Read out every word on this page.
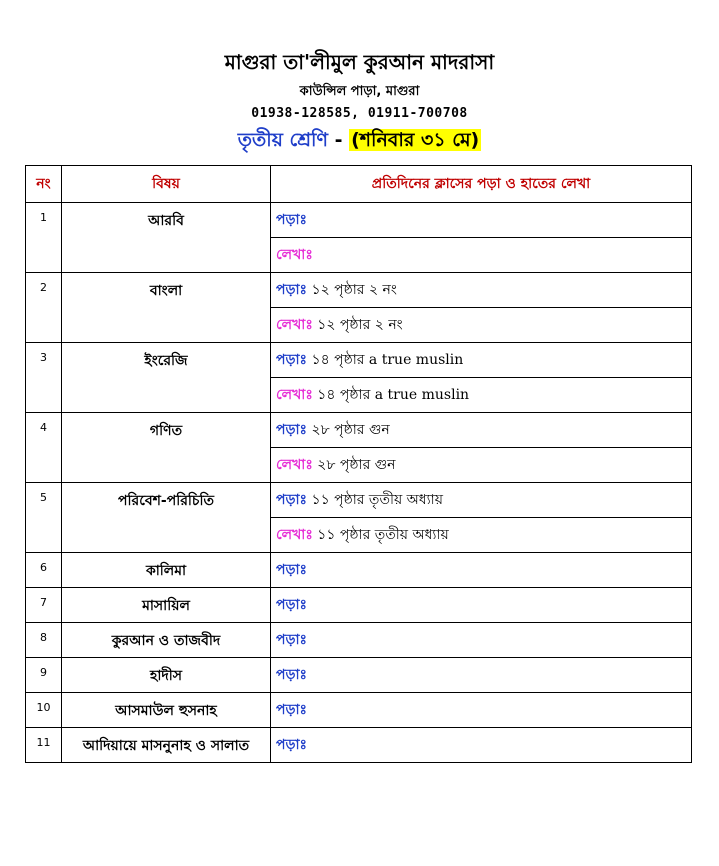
মাগুরা তা'লীমুল কুরআন মাদরাসা
কাউন্সিল পাড়া, মাগুরা
01938-128585, 01911-700708
তৃতীয় শ্রেণি - (শনিবার ৩১ মে)
নং	বিষয়	প্রতিদিনের ক্লাসের পড়া ও হাতের লেখা
1	আরবি	পড়াঃ
		লেখাঃ
2	বাংলা	পড়াঃ ১২ পৃষ্ঠার ২ নং
		লেখাঃ ১২ পৃষ্ঠার ২ নং
3	ইংরেজি	পড়াঃ ১৪ পৃষ্ঠার a true muslin
		লেখাঃ ১৪ পৃষ্ঠার a true muslin
4	গণিত	পড়াঃ ২৮ পৃষ্ঠার গুন
		লেখাঃ ২৮ পৃষ্ঠার গুন
5	পরিবেশ-পরিচিতি	পড়াঃ ১১ পৃষ্ঠার তৃতীয় অধ্যায়
		লেখাঃ ১১ পৃষ্ঠার তৃতীয় অধ্যায়
6	কালিমা	পড়াঃ
7	মাসায়িল	পড়াঃ
8	কুরআন ও তাজবীদ	পড়াঃ
9	হাদীস	পড়াঃ
10	আসমাউল হুসনাহ	পড়াঃ
11	আদিয়ায়ে মাসনুনাহ ও সালাত	পড়াঃ
